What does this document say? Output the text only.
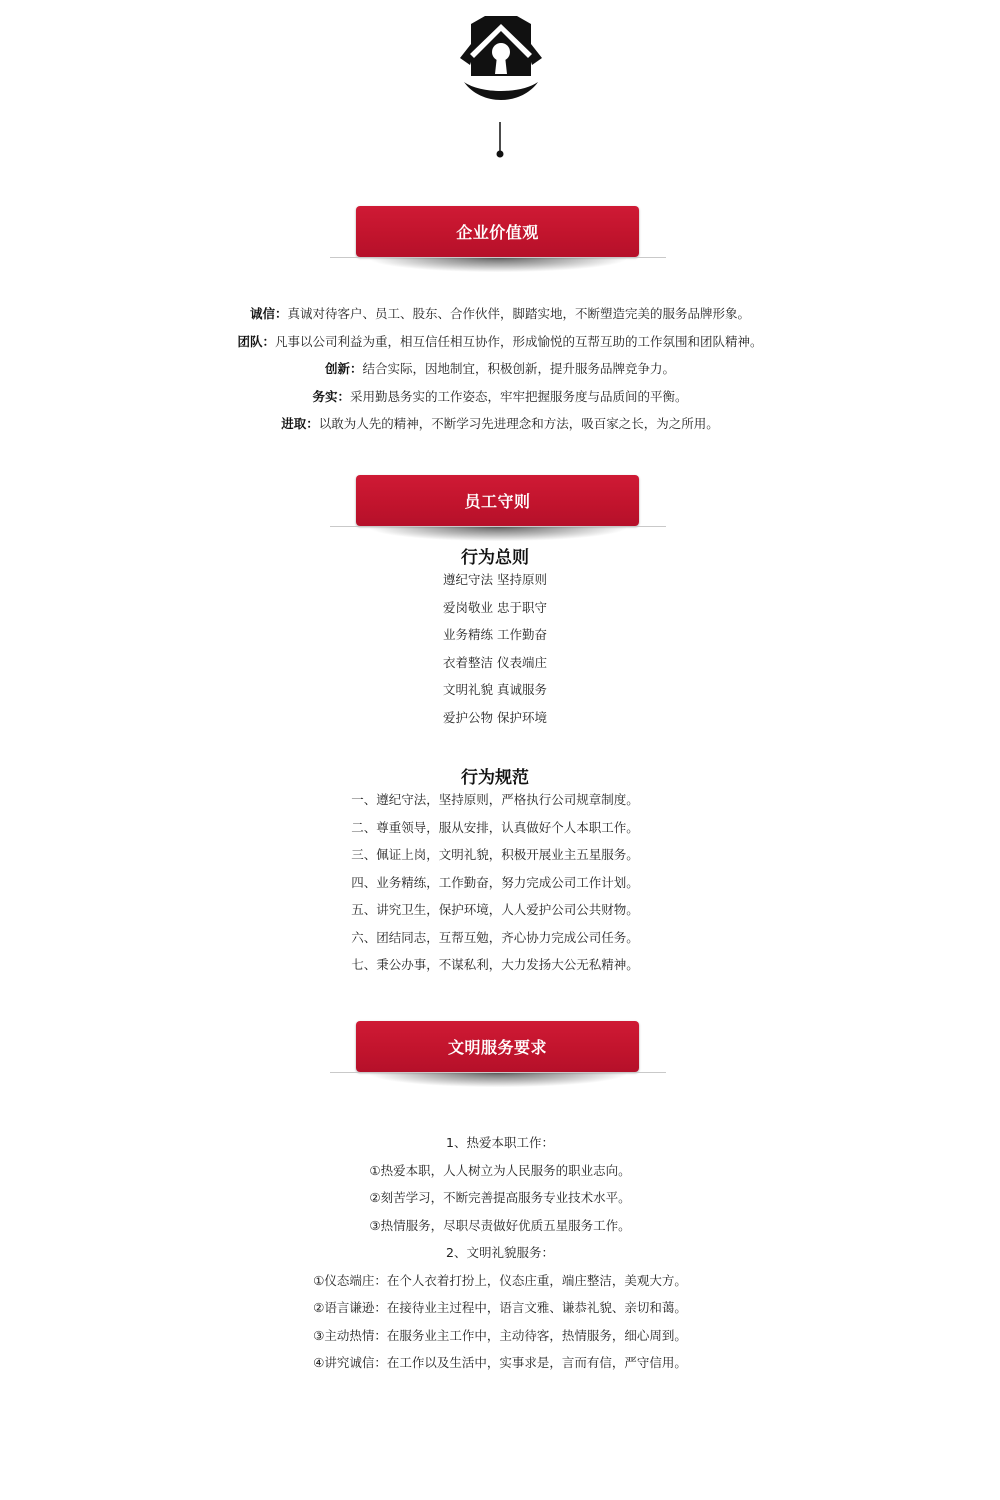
企业价值观
诚信：真诚对待客户、员工、股东、合作伙伴，脚踏实地，不断塑造完美的服务品牌形象。
团队：凡事以公司利益为重，相互信任相互协作，形成愉悦的互帮互助的工作氛围和团队精神。
创新：结合实际，因地制宜，积极创新，提升服务品牌竞争力。
务实：采用勤恳务实的工作姿态，牢牢把握服务度与品质间的平衡。
进取：以敢为人先的精神，不断学习先进理念和方法，吸百家之长，为之所用。
员工守则
行为总则
遵纪守法 坚持原则
爱岗敬业 忠于职守
业务精练 工作勤奋
衣着整洁 仪表端庄
文明礼貌 真诚服务
爱护公物 保护环境
行为规范
一、遵纪守法，坚持原则，严格执行公司规章制度。
二、尊重领导，服从安排，认真做好个人本职工作。
三、佩证上岗，文明礼貌，积极开展业主五星服务。
四、业务精练，工作勤奋，努力完成公司工作计划。
五、讲究卫生，保护环境，人人爱护公司公共财物。
六、团结同志，互帮互勉，齐心协力完成公司任务。
七、秉公办事，不谋私利，大力发扬大公无私精神。
文明服务要求
1、热爱本职工作：
①热爱本职，人人树立为人民服务的职业志向。
②刻苦学习，不断完善提高服务专业技术水平。
③热情服务，尽职尽责做好优质五星服务工作。
2、文明礼貌服务：
①仪态端庄：在个人衣着打扮上，仪态庄重，端庄整洁，美观大方。
②语言谦逊：在接待业主过程中，语言文雅、谦恭礼貌、亲切和蔼。
③主动热情：在服务业主工作中，主动待客，热情服务，细心周到。
④讲究诚信：在工作以及生活中，实事求是，言而有信，严守信用。
